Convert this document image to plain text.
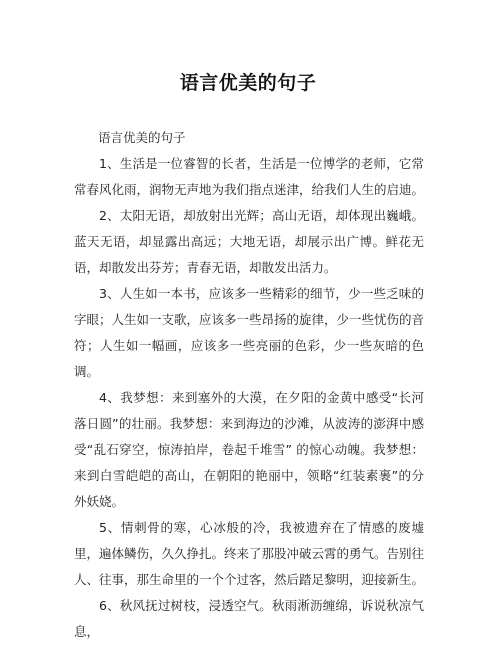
语言优美的句子
语言优美的句子

1、生活是一位睿智的长者，生活是一位博学的老师，它常常春风化雨，润物无声地为我们指点迷津，给我们人生的启迪。

2、太阳无语，却放射出光辉；高山无语，却体现出巍峨。 蓝天无语，却显露出高远；大地无语，却展示出广博。鲜花无语，却散发出芬芳；青春无语，却散发出活力。

3、人生如一本书，应该多一些精彩的细节，少一些乏味的字眼；人生如一支歌，应该多一些昂扬的旋律，少一些忧伤的音符；人生如一幅画，应该多一些亮丽的色彩，少一些灰暗的色调。

4、我梦想：来到塞外的大漠，在夕阳的金黄中感受“长河落日圆”的壮丽。我梦想：来到海边的沙滩，从波涛的澎湃中感受“乱石穿空，惊涛拍岸，卷起千堆雪” 的惊心动魄。我梦想：来到白雪皑皑的高山，在朝阳的艳丽中，领略“红装素裹”的分外妖娆。

5、情刺骨的寒，心冰般的冷，我被遗弃在了情感的废墟里，遍体鳞伤，久久挣扎。终来了那股冲破云霄的勇气。告别往人、往事，那生命里的一个个过客，然后踏足黎明，迎接新生。

6、秋风抚过树枝，浸透空气。秋雨淅沥缠绵，诉说秋凉气息，
